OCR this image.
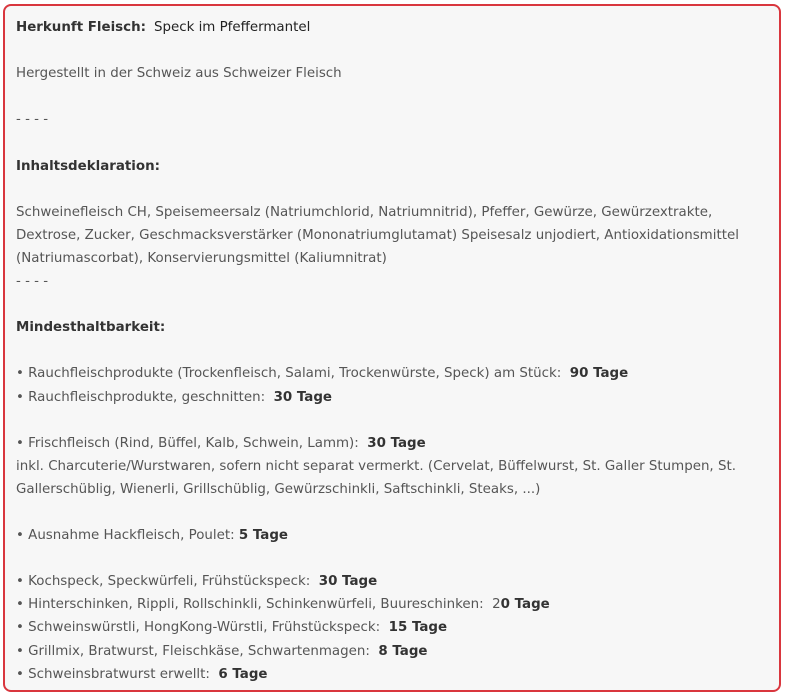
Herkunft Fleisch: Speck im Pfeffermantel
Hergestellt in der Schweiz aus Schweizer Fleisch
- - - -
Inhaltsdeklaration:
Schweinefleisch CH, Speisemeersalz (Natriumchlorid, Natriumnitrid), Pfeffer, Gewürze, Gewürzextrakte, Dextrose, Zucker, Geschmacksverstärker (Mononatriumglutamat) Speisesalz unjodiert, Antioxidationsmittel (Natriumascorbat), Konservierungsmittel (Kaliumnitrat)
- - - -
Mindesthaltbarkeit:
• Rauchfleischprodukte (Trockenfleisch, Salami, Trockenwürste, Speck) am Stück: 90 Tage
• Rauchfleischprodukte, geschnitten: 30 Tage
• Frischfleisch (Rind, Büffel, Kalb, Schwein, Lamm): 30 Tage
inkl. Charcuterie/Wurstwaren, sofern nicht separat vermerkt. (Cervelat, Büffelwurst, St. Galler Stumpen, St. Gallerschüblig, Wienerli, Grillschüblig, Gewürzschinkli, Saftschinkli, Steaks, ...)
• Ausnahme Hackfleisch, Poulet: 5 Tage
• Kochspeck, Speckwürfeli, Frühstückspeck: 30 Tage
• Hinterschinken, Rippli, Rollschinkli, Schinkenwürfeli, Buureschinken: 20 Tage
• Schweinswürstli, HongKong-Würstli, Frühstückspeck: 15 Tage
• Grillmix, Bratwurst, Fleischkäse, Schwartenmagen: 8 Tage
• Schweinsbratwurst erwellt: 6 Tage
